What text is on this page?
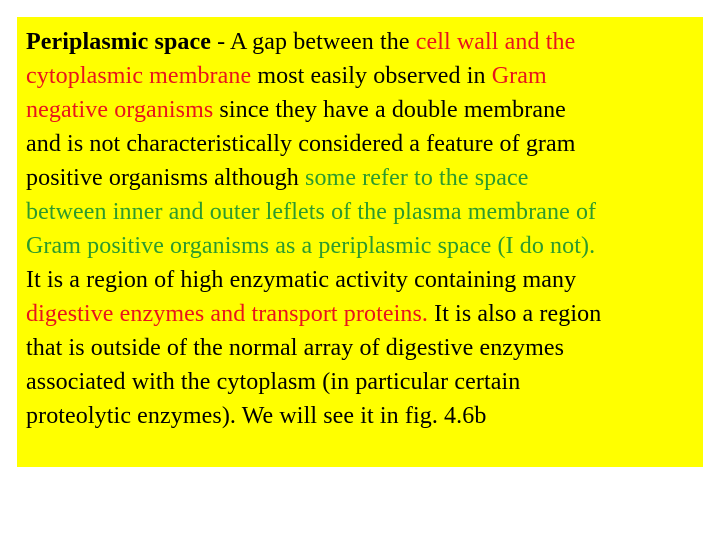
Periplasmic space - A gap between the cell wall and the
cytoplasmic membrane most easily observed in Gram
negative organisms since they have a double membrane
and is not characteristically considered a feature of gram
positive organisms although some refer to the space
between inner and outer leflets of the plasma membrane of
Gram positive organisms as a periplasmic space (I do not).
It is a region of high enzymatic activity containing many
digestive enzymes and transport proteins. It is also a region
that is outside of the normal array of digestive enzymes
associated with the cytoplasm (in particular certain
proteolytic enzymes). We will see it in fig. 4.6b
